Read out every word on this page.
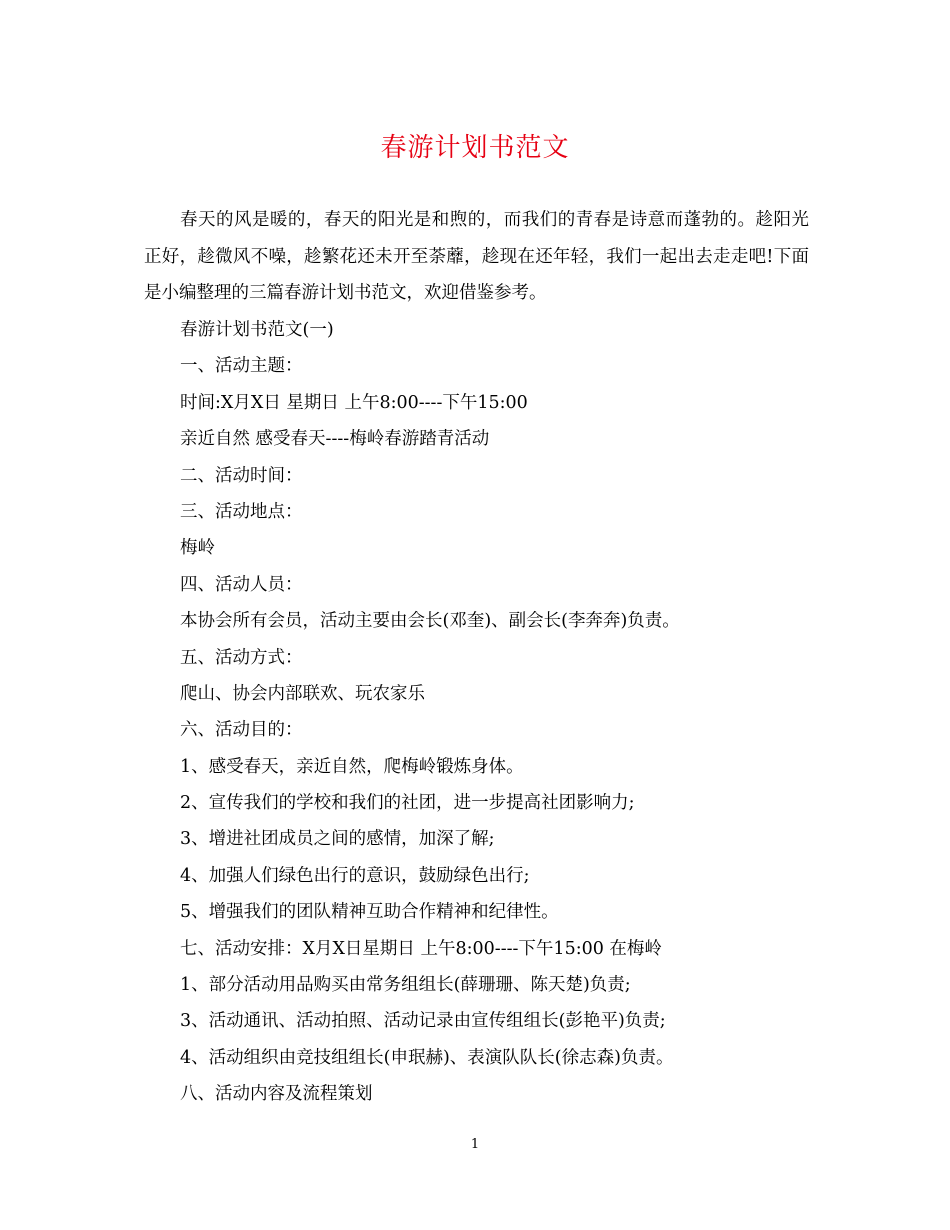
春游计划书范文

春天的风是暖的，春天的阳光是和煦的，而我们的青春是诗意而蓬勃的。趁阳光正好，趁微风不噪，趁繁花还未开至荼蘼，趁现在还年轻，我们一起出去走走吧!下面是小编整理的三篇春游计划书范文，欢迎借鉴参考。

春游计划书范文(一)
一、活动主题：
时间:X月X日 星期日 上午8:00----下午15:00
亲近自然 感受春天----梅岭春游踏青活动
二、活动时间：
三、活动地点：
梅岭
四、活动人员：
本协会所有会员，活动主要由会长(邓奎)、副会长(李奔奔)负责。
五、活动方式：
爬山、协会内部联欢、玩农家乐
六、活动目的：
1、感受春天，亲近自然，爬梅岭锻炼身体。
2、宣传我们的学校和我们的社团，进一步提高社团影响力;
3、增进社团成员之间的感情，加深了解;
4、加强人们绿色出行的意识，鼓励绿色出行;
5、增强我们的团队精神互助合作精神和纪律性。
七、活动安排：X月X日星期日 上午8:00----下午15:00 在梅岭
1、部分活动用品购买由常务组组长(薛珊珊、陈天楚)负责;
3、活动通讯、活动拍照、活动记录由宣传组组长(彭艳平)负责;
4、活动组织由竞技组组长(申珉赫)、表演队队长(徐志森)负责。
八、活动内容及流程策划
1
